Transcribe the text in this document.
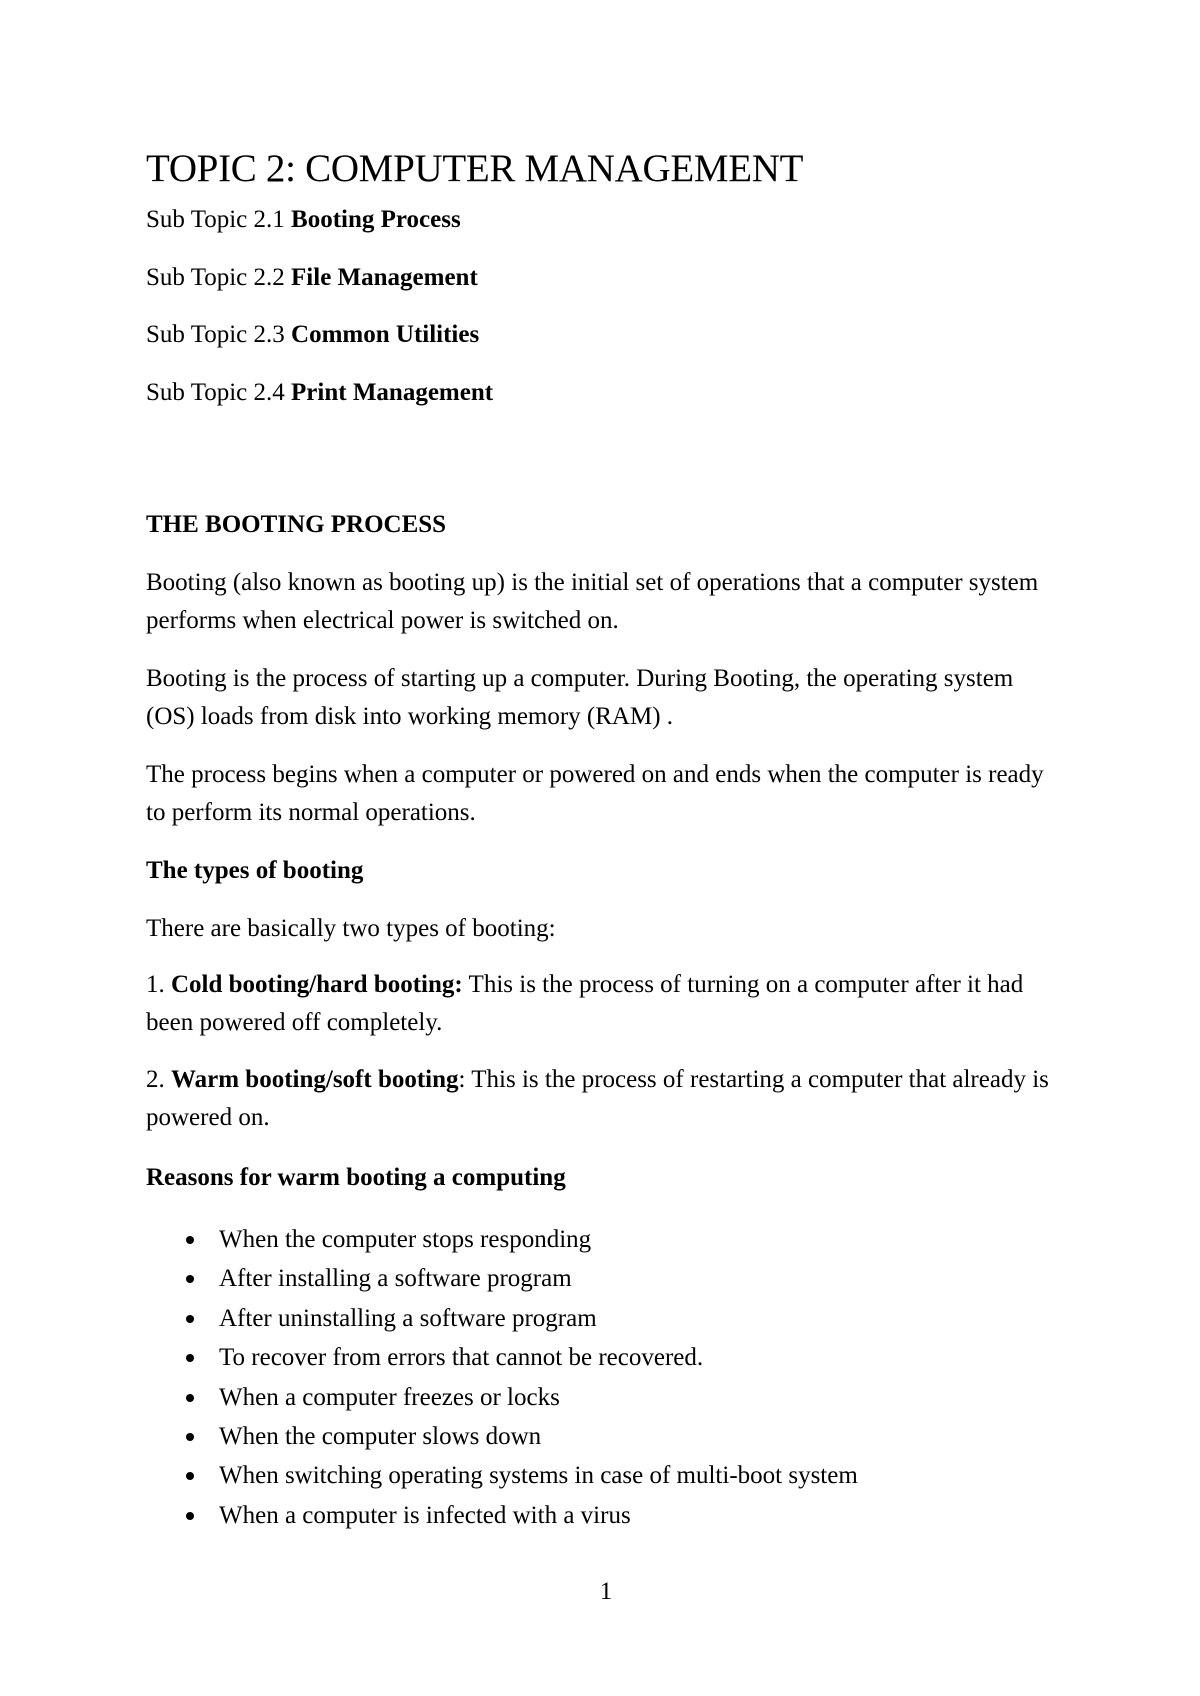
TOPIC 2: COMPUTER MANAGEMENT

Sub Topic 2.1 Booting Process

Sub Topic 2.2 File Management

Sub Topic 2.3 Common Utilities

Sub Topic 2.4 Print Management

THE BOOTING PROCESS

Booting (also known as booting up) is the initial set of operations that a computer system performs when electrical power is switched on.

Booting is the process of starting up a computer. During Booting, the operating system (OS) loads from disk into working memory (RAM) .

The process begins when a computer or powered on and ends when the computer is ready to perform its normal operations.

The types of booting

There are basically two types of booting:

1. Cold booting/hard booting: This is the process of turning on a computer after it had been powered off completely.

2. Warm booting/soft booting: This is the process of restarting a computer that already is powered on.

Reasons for warm booting a computing

When the computer stops responding
After installing a software program
After uninstalling a software program
To recover from errors that cannot be recovered.
When a computer freezes or locks
When the computer slows down
When switching operating systems in case of multi-boot system
When a computer is infected with a virus

1
